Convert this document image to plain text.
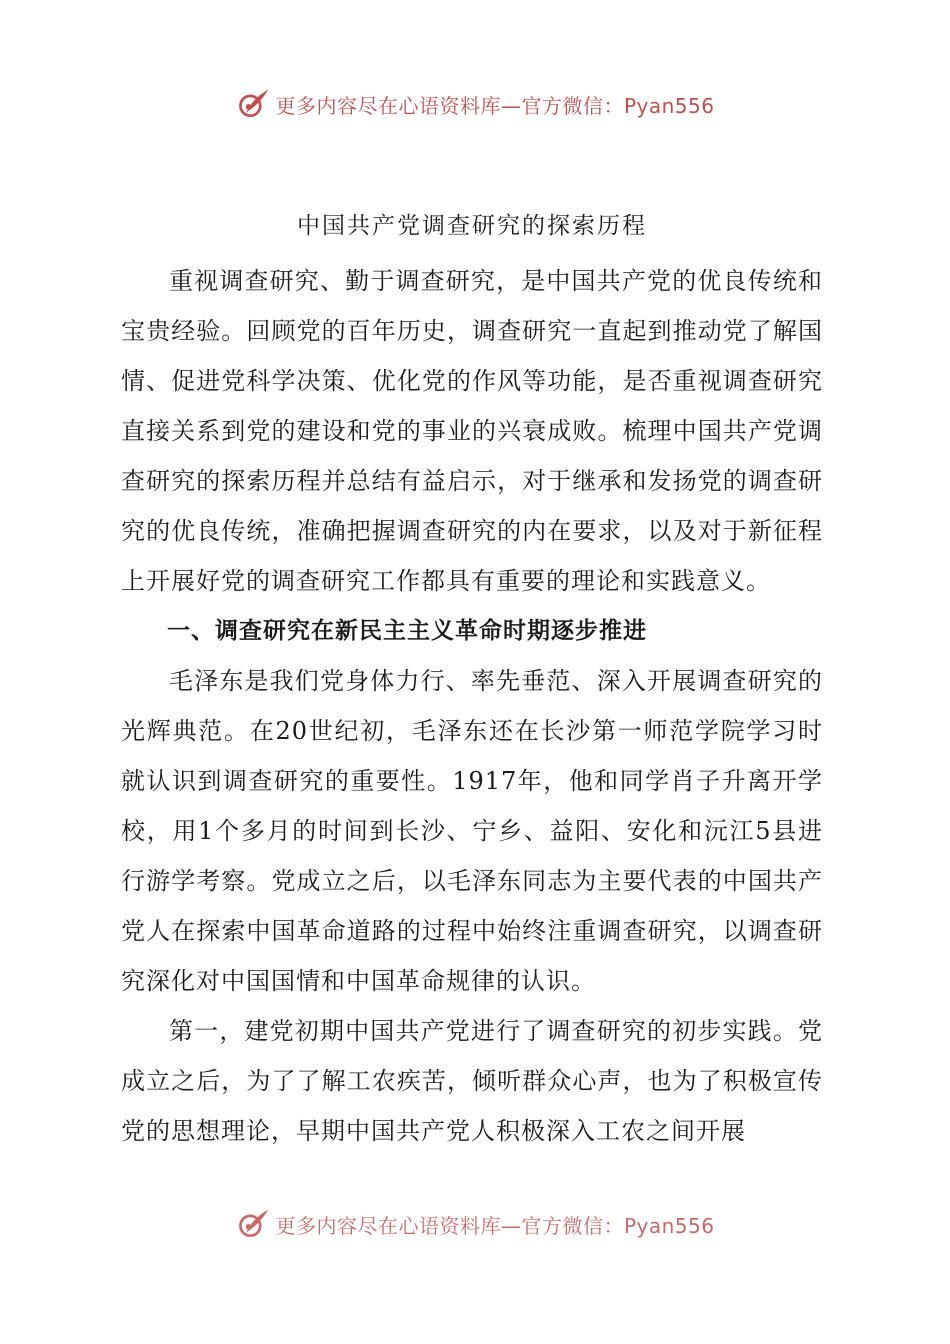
更多内容尽在心语资料库—官方微信：Pyan556
中国共产党调查研究的探索历程

重视调查研究、勤于调查研究，是中国共产党的优良传统和宝贵经验。回顾党的百年历史，调查研究一直起到推动党了解国情、促进党科学决策、优化党的作风等功能，是否重视调查研究直接关系到党的建设和党的事业的兴衰成败。梳理中国共产党调查研究的探索历程并总结有益启示，对于继承和发扬党的调查研究的优良传统，准确把握调查研究的内在要求，以及对于新征程上开展好党的调查研究工作都具有重要的理论和实践意义。

一、调查研究在新民主主义革命时期逐步推进

毛泽东是我们党身体力行、率先垂范、深入开展调查研究的光辉典范。在20世纪初，毛泽东还在长沙第一师范学院学习时就认识到调查研究的重要性。1917年，他和同学肖子升离开学校，用1个多月的时间到长沙、宁乡、益阳、安化和沅江5县进行游学考察。党成立之后，以毛泽东同志为主要代表的中国共产党人在探索中国革命道路的过程中始终注重调查研究，以调查研究深化对中国国情和中国革命规律的认识。

第一，建党初期中国共产党进行了调查研究的初步实践。党成立之后，为了了解工农疾苦，倾听群众心声，也为了积极宣传党的思想理论，早期中国共产党人积极深入工农之间开展

更多内容尽在心语资料库—官方微信：Pyan556
